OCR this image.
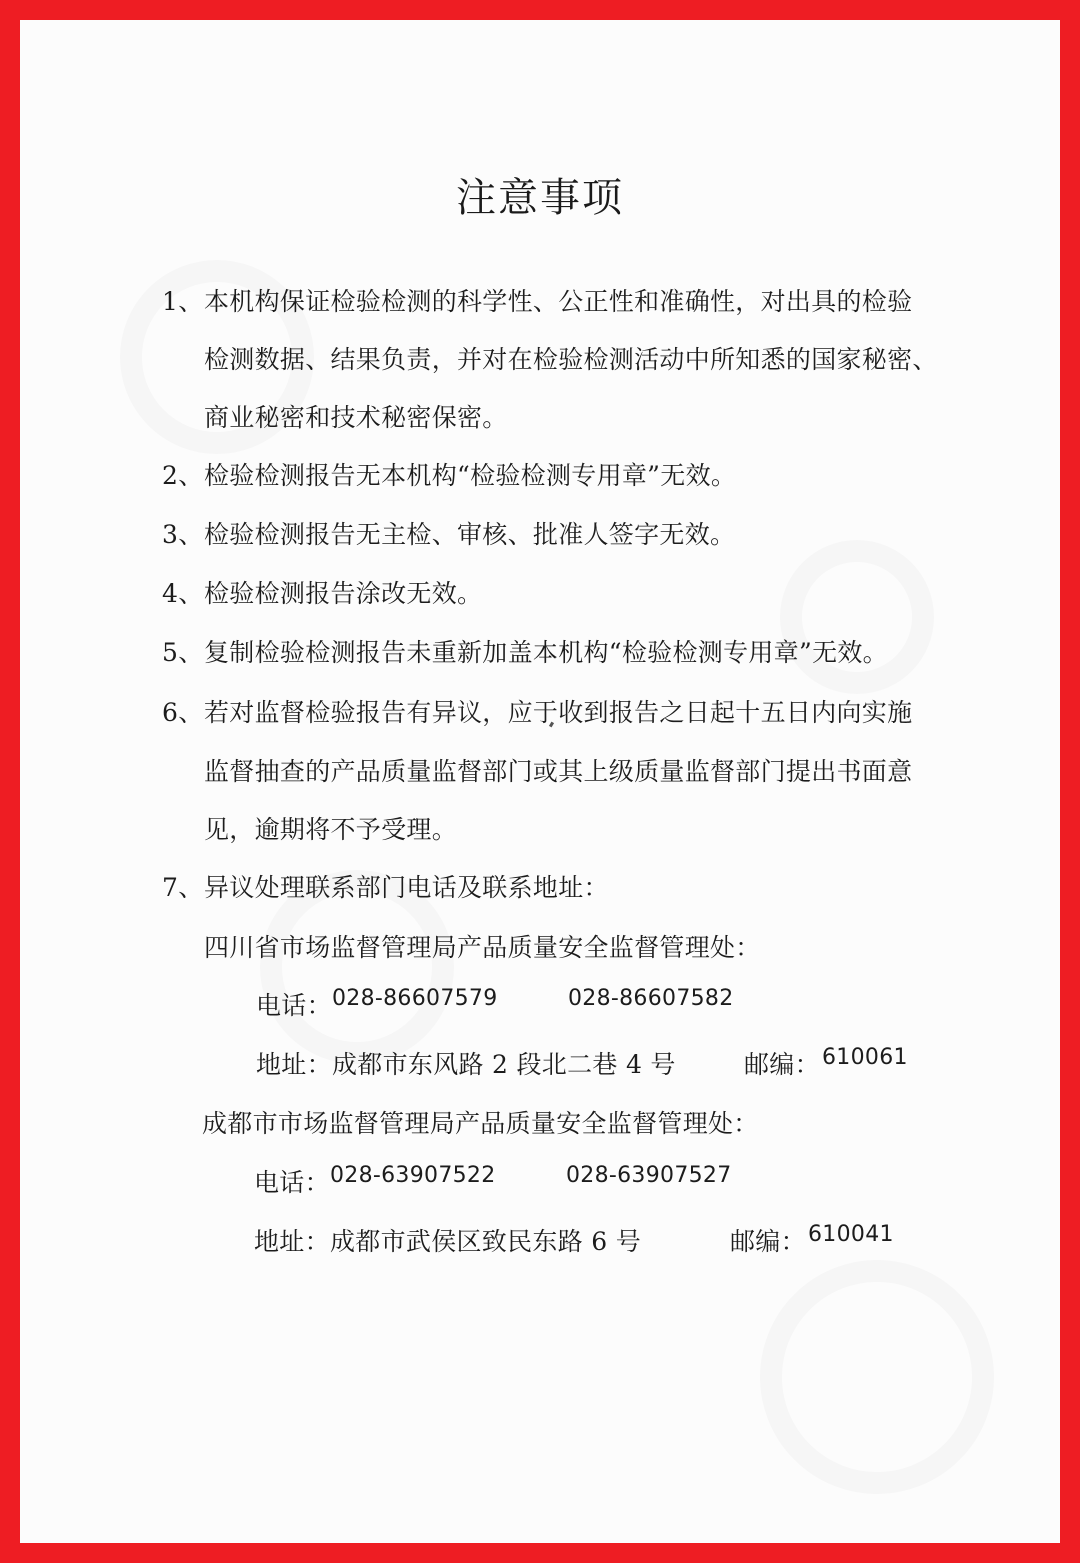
注意事项
1、 本机构保证检验检测的科学性、公正性和准确性，对出具的检验
检测数据、结果负责，并对在检验检测活动中所知悉的国家秘密、
商业秘密和技术秘密保密。
2、 检验检测报告无本机构“检验检测专用章”无效。
3、 检验检测报告无主检、审核、批准人签字无效。
4、 检验检测报告涂改无效。
5、 复制检验检测报告未重新加盖本机构“检验检测专用章”无效。
6、 若对监督检验报告有异议，应于收到报告之日起十五日内向实施
监督抽查的产品质量监督部门或其上级质量监督部门提出书面意
见，逾期将不予受理。
7、 异议处理联系部门电话及联系地址：
四川省市场监督管理局产品质量安全监督管理处：
电话： 028-86607579	028-86607582
地址： 成都市东风路 2 段北二巷 4 号	邮编： 610061
成都市市场监督管理局产品质量安全监督管理处：
电话： 028-63907522	028-63907527
地址： 成都市武侯区致民东路 6 号	邮编： 610041
